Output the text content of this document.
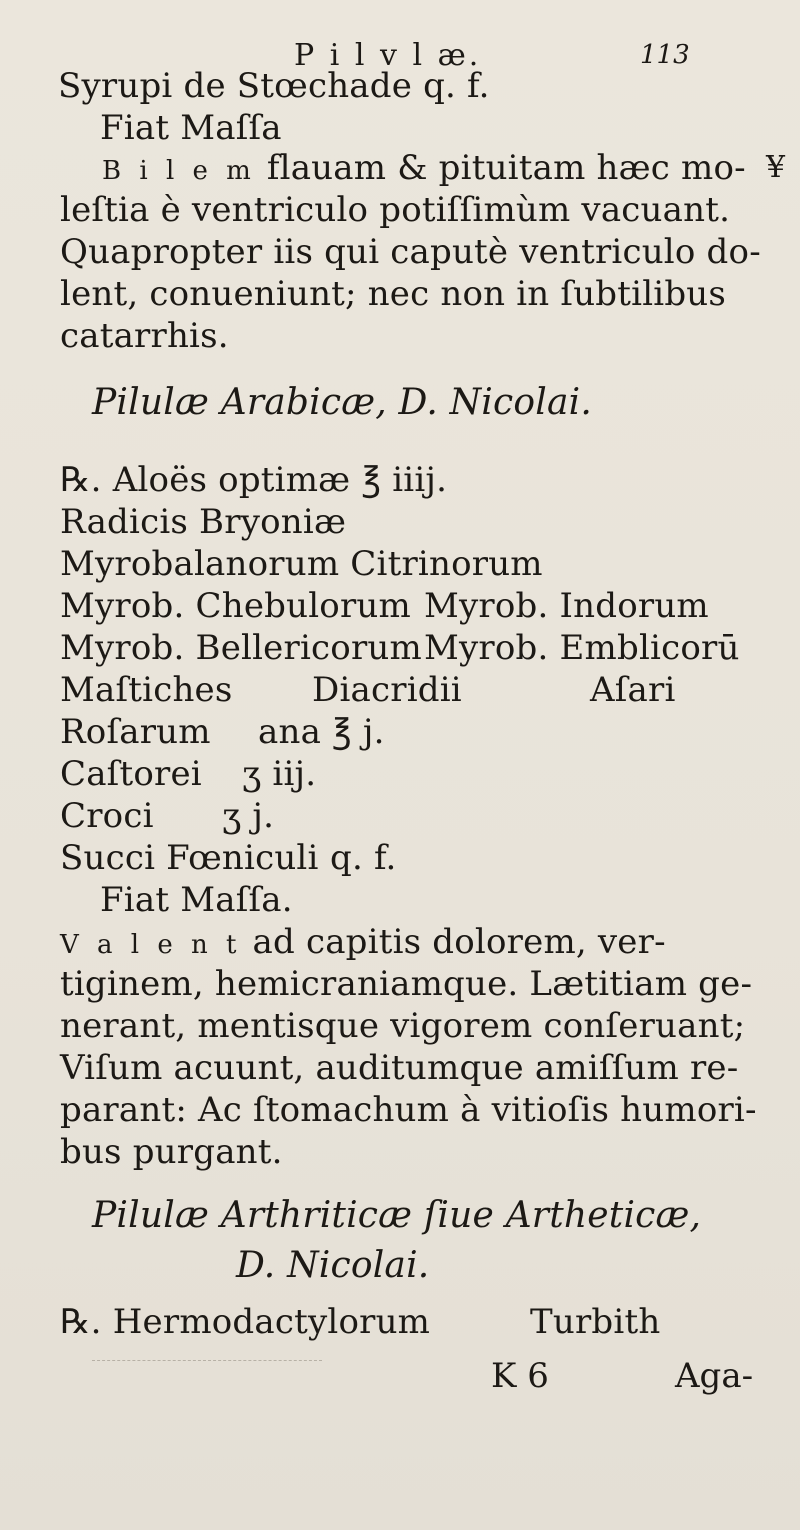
P i l v l æ.	113
¥
Syrupi de Stœchade q. f.
Fiat Maſſa
B i l e m flauam & pituitam hæc mo-
leſtia è ventriculo potiſſimùm vacuant.
Quapropter iis qui caputè ventriculo do-
lent, conueniunt; nec non in ſubtilibus
catarrhis.
Pilulæ Arabicæ, D. Nicolai.
℞. Aloës optimæ ℥ iiij.
Radicis Bryoniæ
Myrobalanorum Citrinorum
Myrob. Chebulorum Myrob. Indorum
Myrob. Bellericorum Myrob. Emblicorū
Maſtiches Diacridii	Aſari
Roſarum ana ℥ j.
Caſtorei ʒ iij.
Croci ʒ j.
Succi Fœniculi q. f.
Fiat Maſſa.
V a l e n t ad capitis dolorem, ver-
tiginem, hemicraniamque. Lætitiam ge-
nerant, mentisque vigorem conſeruant;
Viſum acuunt, auditumque amiſſum re-
parant: Ac ſtomachum à vitioſis humori-
bus purgant.
Pilulæ Arthriticæ ſiue Artheticæ,
D. Nicolai.
℞. Hermodactylorum	Turbith
K 6	Aga-
